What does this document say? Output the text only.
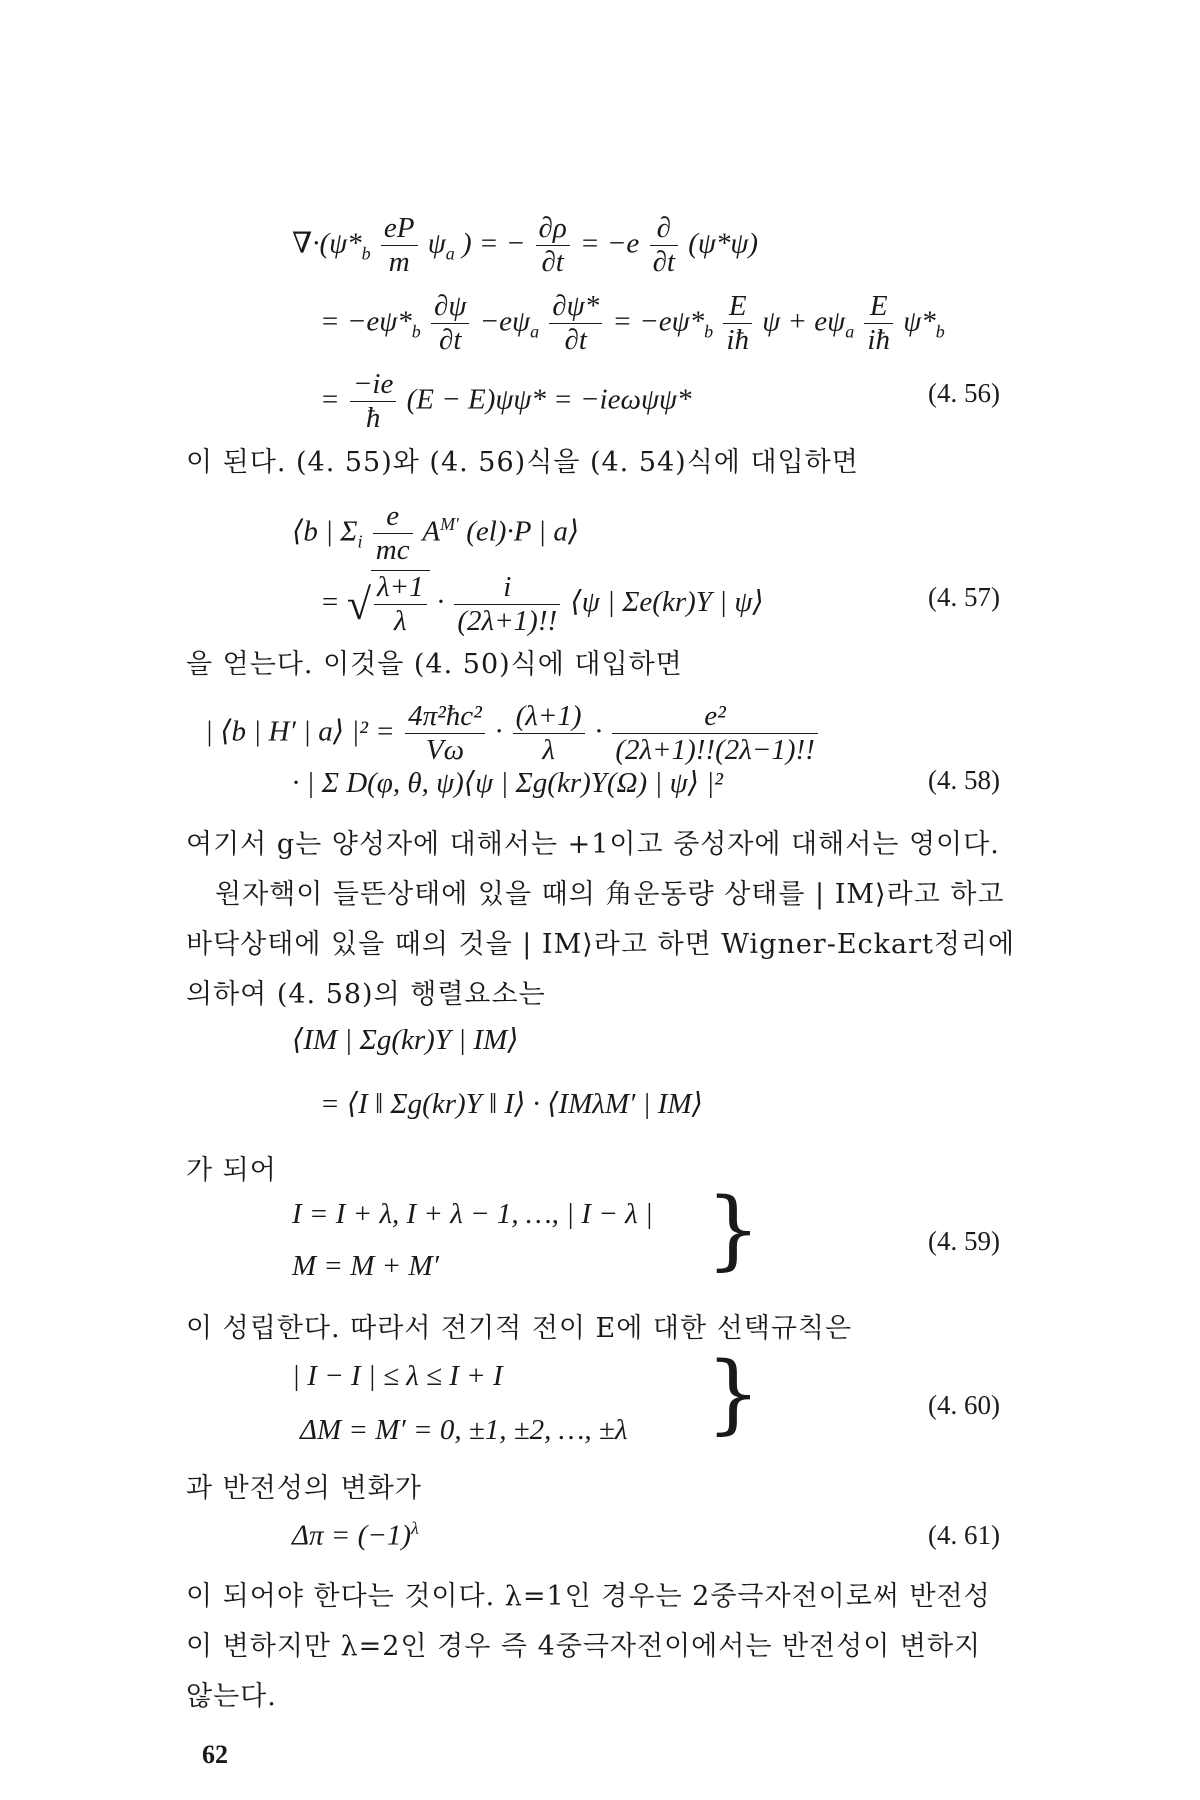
$\nabla\cdot(\psi*_b \frac{eP}{m} \psi_a$ ) = − $\frac{\partial\rho}{\partial t} = -e \frac{\partial}{\partial t} (\psi*\psi)$
= $-e\psi*_b \frac{\partial\psi}{\partial t} -e\psi_a \frac{\partial\psi*}{\partial t} = -e\psi*_b \frac{E}{iħ}$ $\psi + e\psi_a \frac{E}{iħ} \psi*_b$
= $\frac{-ie}{ħ} (E - E)\psi\psi* = -ie\omega\psi\psi*$	(4. 56)
이 된다. (4. 55)와 (4. 56)식을 (4. 54)식에 대입하면
⟨b | $\Sigma_i \frac{e}{mc} A^{M'}$ (el)·P | a⟩
= √ $\frac{\lambda+1}{\lambda} \cdot \frac{i}{(2\lambda+1)!!}$ ⟨ψ | Σe(kr)Y | ψ⟩	(4. 57)
을 얻는다. 이것을 (4. 50)식에 대입하면
| ⟨b | H′ | a⟩ $|^2 = \frac{\text{4π²ħc²}}{V\omega} \cdot \frac{(\lambda+1)}{\lambda} \cdot \frac{\text{e²}}{(2\lambda+1)!!(2\lambda-1)!!}$
· | Σ D(φ, θ, ψ)⟨ψ | Σg(kr)Y(Ω) | ψ⟩ |²	(4. 58)
여기서 g는 양성자에 대해서는 +1이고 중성자에 대해서는 영이다.
원자핵이 들뜬상태에 있을 때의 角운동량 상태를 | IM⟩라고 하고
바닥상태에 있을 때의 것을 | IM⟩라고 하면 Wigner-Eckart정리에
의하여 (4. 58)의 행렬요소는
⟨IM | Σg(kr)Y | IM⟩
= ⟨I ‖ Σg(kr)Y ‖ I⟩ · ⟨IMλM′ | IM⟩
가 되어
I = I + λ, I + λ − 1, …, | I − λ |
M = M + M′	}	(4. 59)
이 성립한다. 따라서 전기적 전이 E에 대한 선택규칙은
| I − I | ≤ λ ≤ I + I
ΔM = M′ = 0, ±1, ±2, …, ±λ }	(4. 60)
과 반전성의 변화가
$\Delta\pi = (-1)^\lambda$	(4. 61)
이 되어야 한다는 것이다. λ=1인 경우는 2중극자전이로써 반전성
이 변하지만 λ=2인 경우 즉 4중극자전이에서는 반전성이 변하지
않는다.
62
